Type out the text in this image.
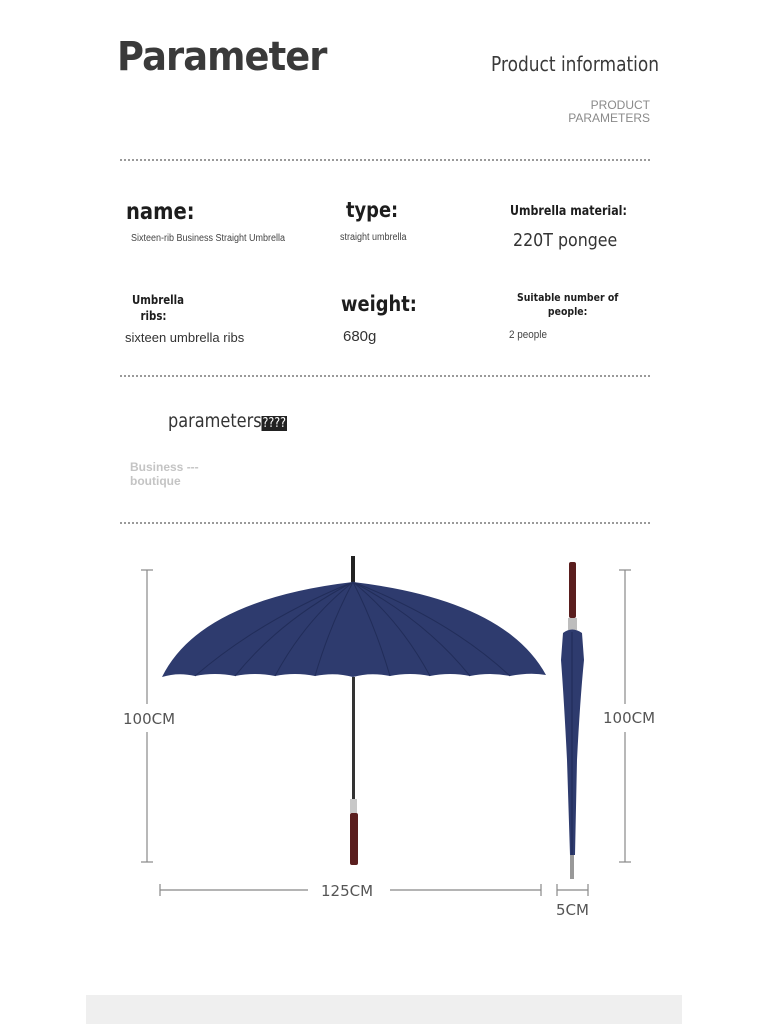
Parameter	Product information
PRODUCT
PARAMETERS
name:
Sixteen-rib Business Straight Umbrella
type:
straight umbrella
Umbrella material:
220T pongee
Umbrella
ribs:
sixteen umbrella ribs
weight:
680g
Suitable number of
people:
2 people
parameters????
Business ---
boutique
100CM	100CM
125CM
5CM
